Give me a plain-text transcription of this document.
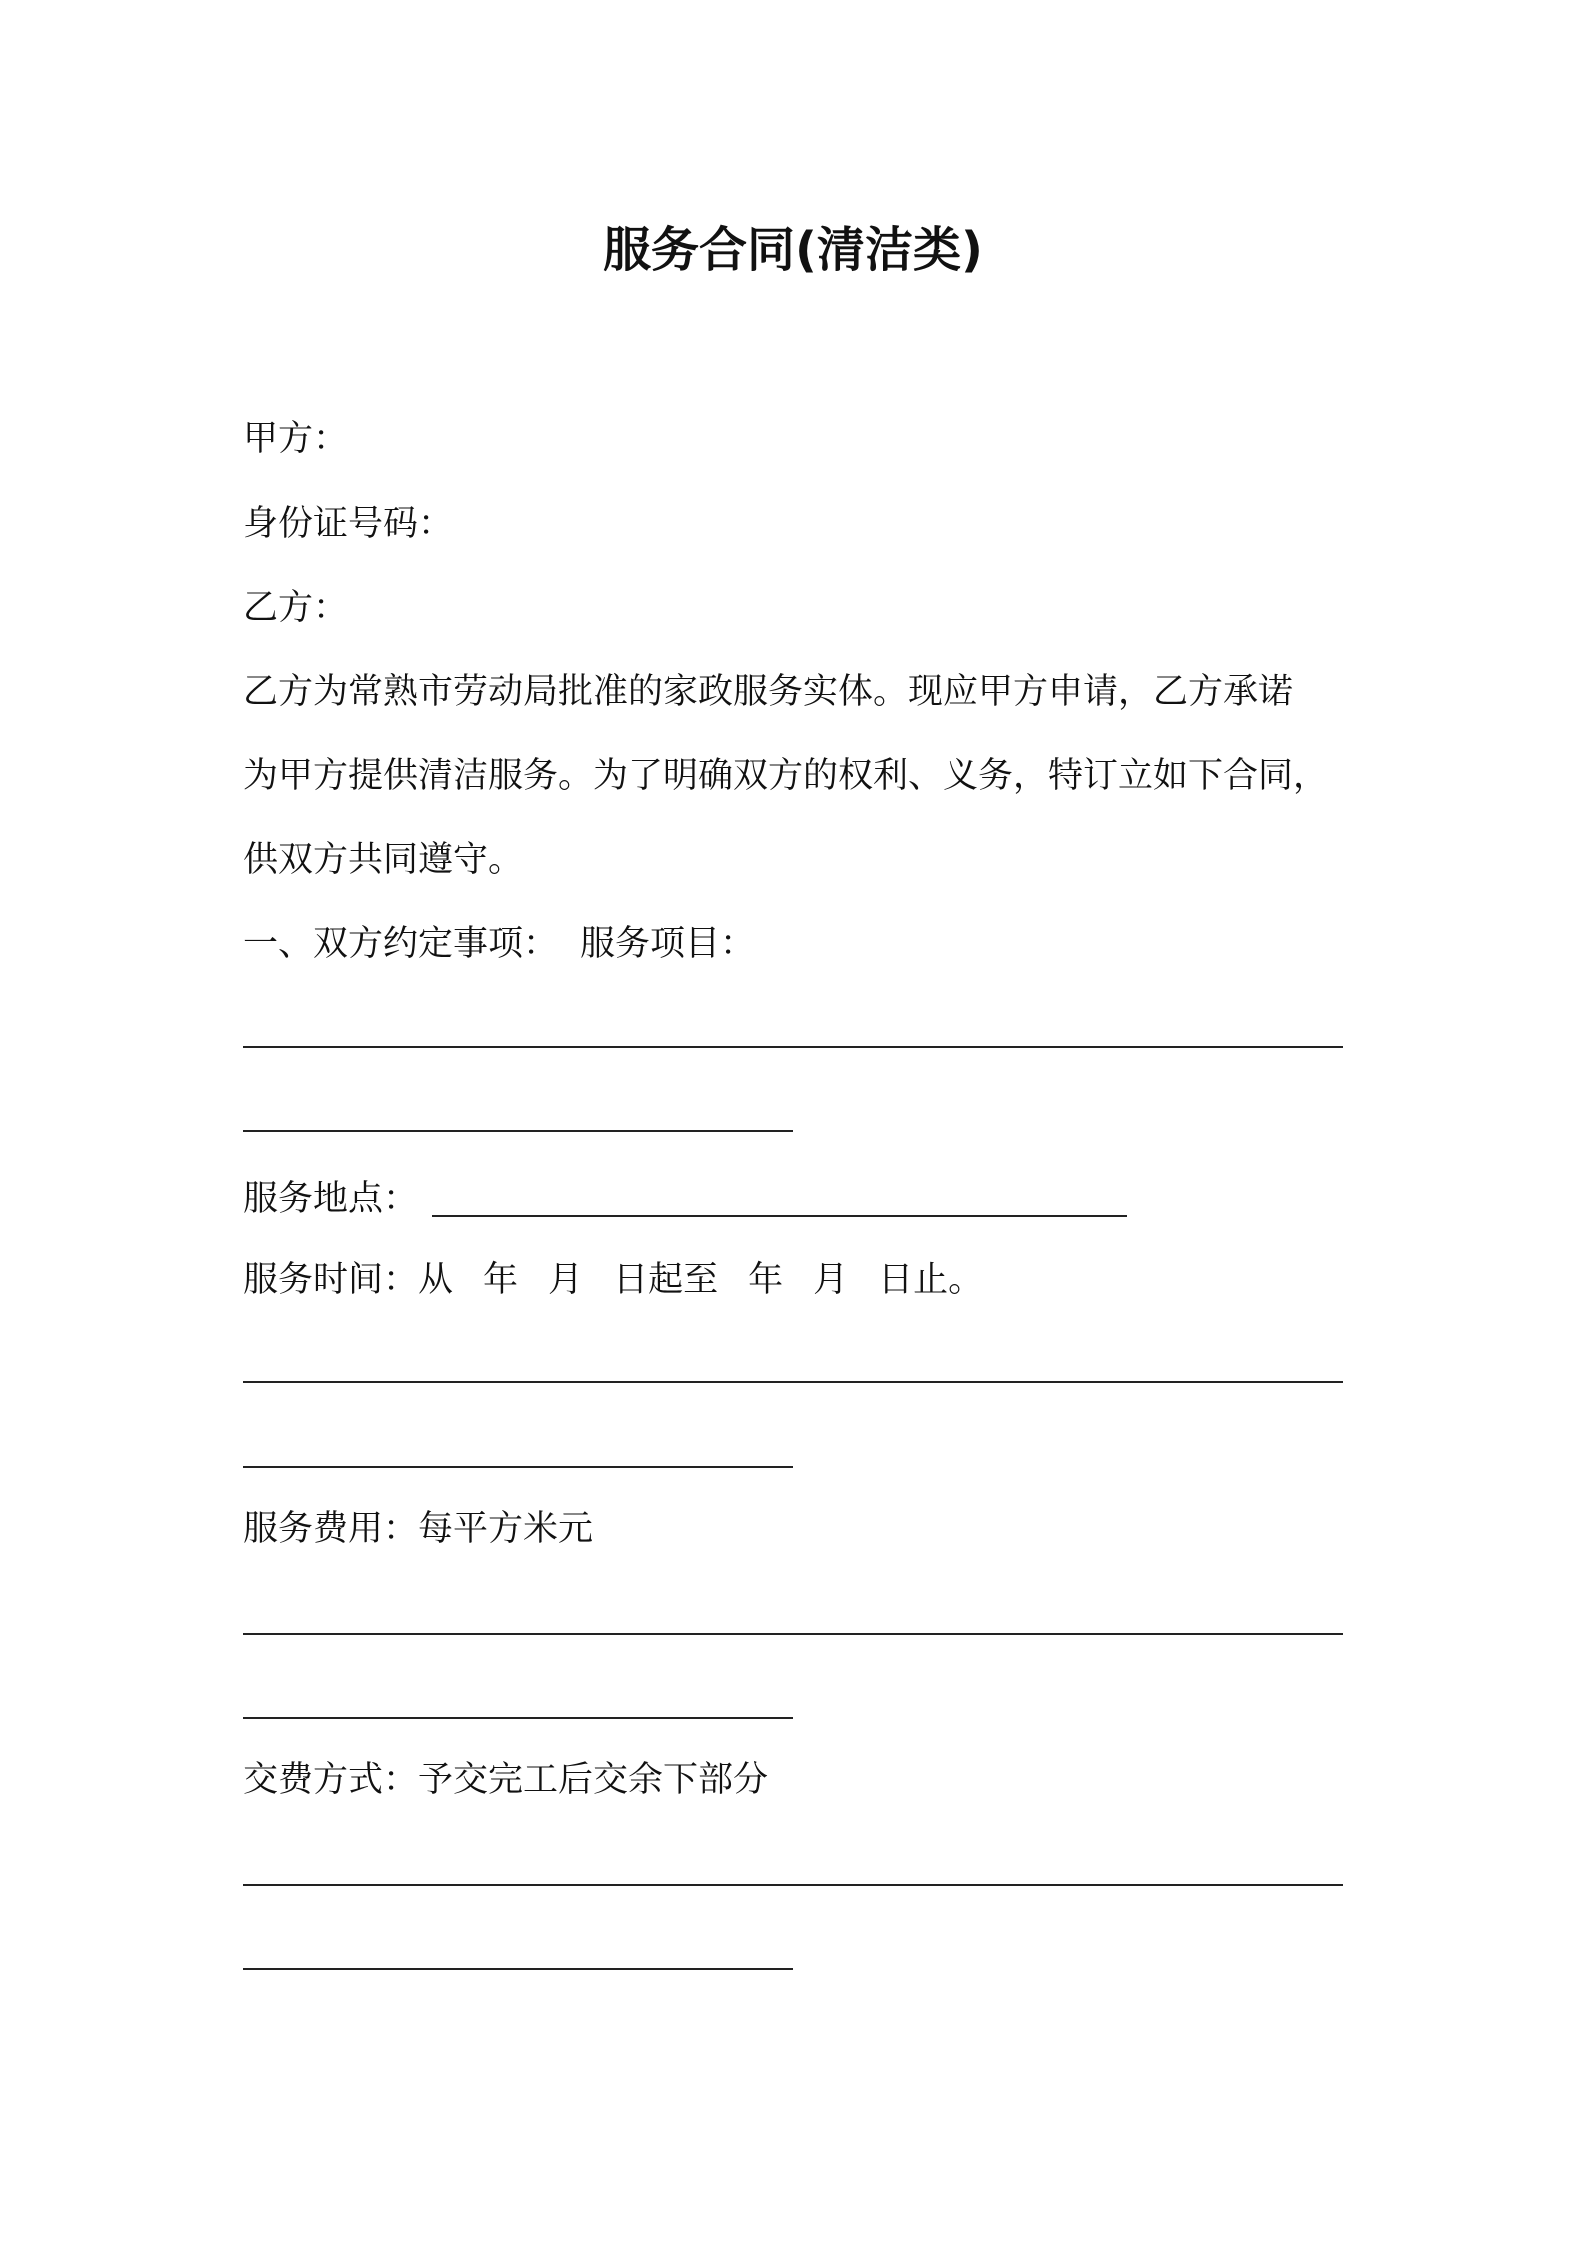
服务合同(清洁类)

甲方：

身份证号码：

乙方：

乙方为常熟市劳动局批准的家政服务实体。现应甲方申请，乙方承诺

为甲方提供清洁服务。为了明确双方的权利、义务，特订立如下合同，

供双方共同遵守。

一、双方约定事项： 服务项目：

服务地点：

服务时间：从 年 月 日起至 年 月 日止。

服务费用：每平方米元

交费方式：予交完工后交余下部分
